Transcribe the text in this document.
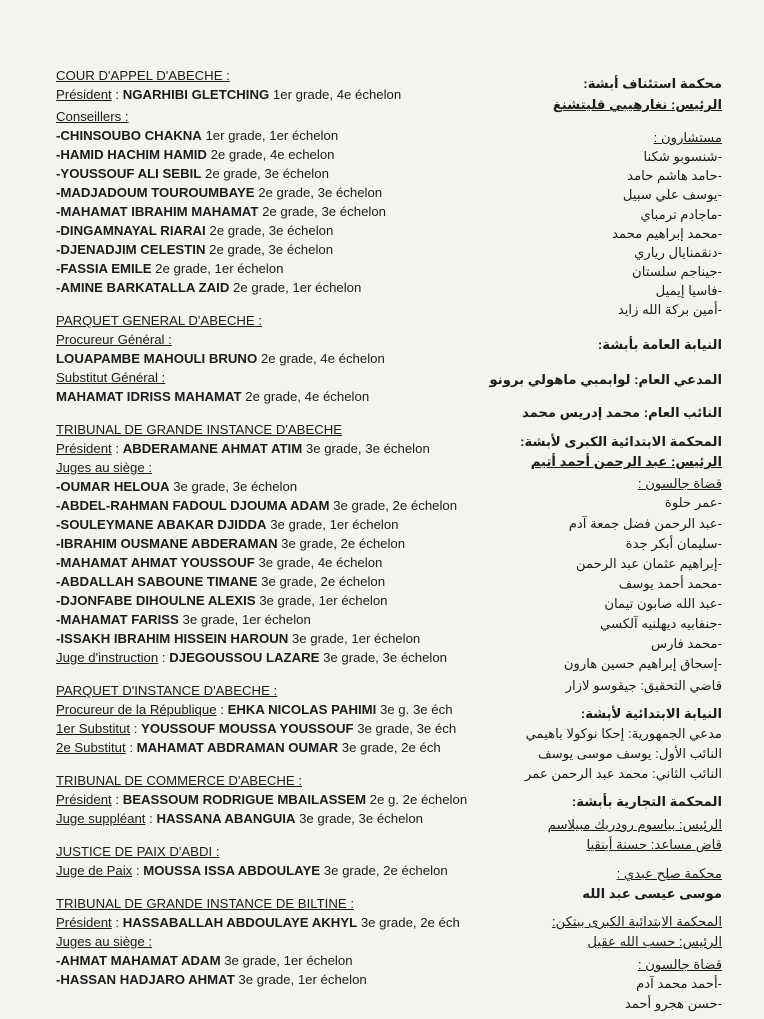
COUR D'APPEL D'ABECHE :
Président : NGARHIBI GLETCHING 1er grade, 4e échelon
Conseillers :
-CHINSOUBO CHAKNA 1er grade, 1er échelon
-HAMID HACHIM HAMID 2e grade, 4e echelon
-YOUSSOUF ALI SEBIL 2e grade, 3e échelon
-MADJADOUM TOUROUMBAYE 2e grade, 3e échelon
-MAHAMAT IBRAHIM MAHAMAT 2e grade, 3e échelon
-DINGAMNAYAL RIARAI 2e grade, 3e échelon
-DJENADJIM CELESTIN 2e grade, 3e échelon
-FASSIA EMILE 2e grade, 1er échelon
-AMINE BARKATALLA ZAID 2e grade, 1er échelon
PARQUET GENERAL D'ABECHE :
Procureur Général :
LOUAPAMBE MAHOULI BRUNO 2e grade, 4e échelon
Substitut Général :
MAHAMAT IDRISS MAHAMAT 2e grade, 4e échelon
TRIBUNAL DE GRANDE INSTANCE D'ABECHE
Président : ABDERAMANE AHMAT ATIM 3e grade, 3e échelon
Juges au siège :
-OUMAR HELOUA 3e grade, 3e échelon
-ABDEL-RAHMAN FADOUL DJOUMA ADAM 3e grade, 2e échelon
-SOULEYMANE ABAKAR DJIDDA 3e grade, 1er échelon
-IBRAHIM OUSMANE ABDERAMAN 3e grade, 2e échelon
-MAHAMAT AHMAT YOUSSOUF 3e grade, 4e échelon
-ABDALLAH SABOUNE TIMANE 3e grade, 2e échelon
-DJONFABE DIHOULNE ALEXIS 3e grade, 1er échelon
-MAHAMAT FARISS 3e grade, 1er échelon
-ISSAKH IBRAHIM HISSEIN HAROUN 3e grade, 1er échelon
Juge d'instruction : DJEGOUSSOU LAZARE 3e grade, 3e échelon
PARQUET D'INSTANCE D'ABECHE :
Procureur de la République : EHKA NICOLAS PAHIMI 3e g. 3e éch
1er Substitut : YOUSSOUF MOUSSA YOUSSOUF 3e grade, 3e éch
2e Substitut : MAHAMAT ABDRAMAN OUMAR 3e grade, 2e éch
TRIBUNAL DE COMMERCE D'ABECHE :
Président : BEASSOUM RODRIGUE MBAILASSEM 2e g. 2e échelon
Juge suppléant : HASSANA ABANGUIA 3e grade, 3e échelon
JUSTICE DE PAIX D'ABDI :
Juge de Paix : MOUSSA ISSA ABDOULAYE 3e grade, 2e échelon
TRIBUNAL DE GRANDE INSTANCE DE BILTINE :
Président : HASSABALLAH ABDOULAYE AKHYL 3e grade, 2e éch
Juges au siège :
-AHMAT MAHAMAT ADAM 3e grade, 1er échelon
-HASSAN HADJARO AHMAT 3e grade, 1er échelon
محكمة استئناف أبشة:
الرئيس: نغارهيبي قليتشنغ
مستشارون :
-شنسوبو شكنا
-حامد هاشم حامد
-يوسف علي سبيل
-ماجادم ترمباي
-محمد إبراهيم محمد
-دنقمنايال رياري
-جيناجم سلستان
-فاسيا إيميل
-أمين بركة الله زايد
النيابة العامة بأبشة:
المدعي العام: لوابمبي ماهولي برونو
النائب العام: محمد إدريس محمد
المحكمة الابتدائية الكبرى لأبشة:
الرئيس: عبد الرحمن أحمد أتيم
قضاة جالسون :
-عمر حلوة
-عبد الرحمن فضل جمعة آدم
-سليمان أبكر جدة
-إبراهيم عثمان عبد الرحمن
-محمد أحمد يوسف
-عبد الله صابون تيمان
-جنفابيه ديهلنيه آلكسي
-محمد فارس
-إسحاق إبراهيم حسين هارون
قاضي التحقيق: جيقوسو لازار
النيابة الابتدائية لأبشة:
مدعي الجمهورية: إحكا نوكولا باهيمي
النائب الأول: يوسف موسى يوسف
النائب الثاني: محمد عبد الرحمن عمر
المحكمة التجارية بأبشة:
الرئيس: بياسوم رودريك مبيلاسم
قاض مساعد: حسنة أبنقيا
محكمة صلح عبدي :
موسى عيسى عبد الله
المحكمة الابتدائية الكبرى ببتكن:
الرئيس: حسب الله عقيل
قضاة جالسون :
-أحمد محمد آدم
-حسن هجرو أحمد
